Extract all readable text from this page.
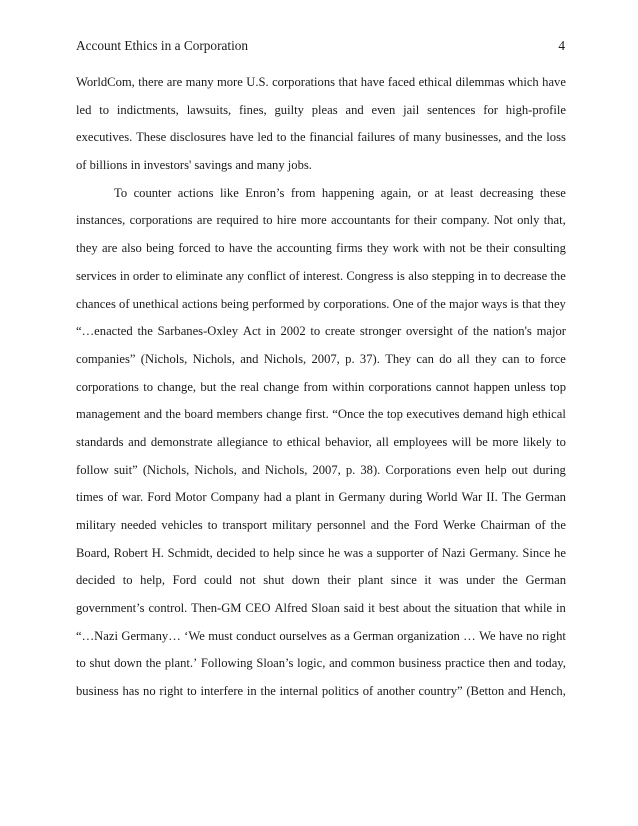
Account Ethics in a Corporation	4
WorldCom, there are many more U.S. corporations that have faced ethical dilemmas which have
led to indictments, lawsuits, fines, guilty pleas and even jail sentences for high-profile
executives. These disclosures have led to the financial failures of many businesses, and the loss
of billions in investors' savings and many jobs.
To counter actions like Enron’s from happening again, or at least decreasing these
instances, corporations are required to hire more accountants for their company. Not only that,
they are also being forced to have the accounting firms they work with not be their consulting
services in order to eliminate any conflict of interest. Congress is also stepping in to decrease the
chances of unethical actions being performed by corporations. One of the major ways is that they
“…enacted the Sarbanes-Oxley Act in 2002 to create stronger oversight of the nation's major
companies” (Nichols, Nichols, and Nichols, 2007, p. 37). They can do all they can to force
corporations to change, but the real change from within corporations cannot happen unless top
management and the board members change first. “Once the top executives demand high ethical
standards and demonstrate allegiance to ethical behavior, all employees will be more likely to
follow suit” (Nichols, Nichols, and Nichols, 2007, p. 38). Corporations even help out during
times of war. Ford Motor Company had a plant in Germany during World War II. The German
military needed vehicles to transport military personnel and the Ford Werke Chairman of the
Board, Robert H. Schmidt, decided to help since he was a supporter of Nazi Germany. Since he
decided to help, Ford could not shut down their plant since it was under the German
government’s control. Then-GM CEO Alfred Sloan said it best about the situation that while in
“…Nazi Germany… ‘We must conduct ourselves as a German organization … We have no right
to shut down the plant.’ Following Sloan’s logic, and common business practice then and today,
business has no right to interfere in the internal politics of another country” (Betton and Hench,
